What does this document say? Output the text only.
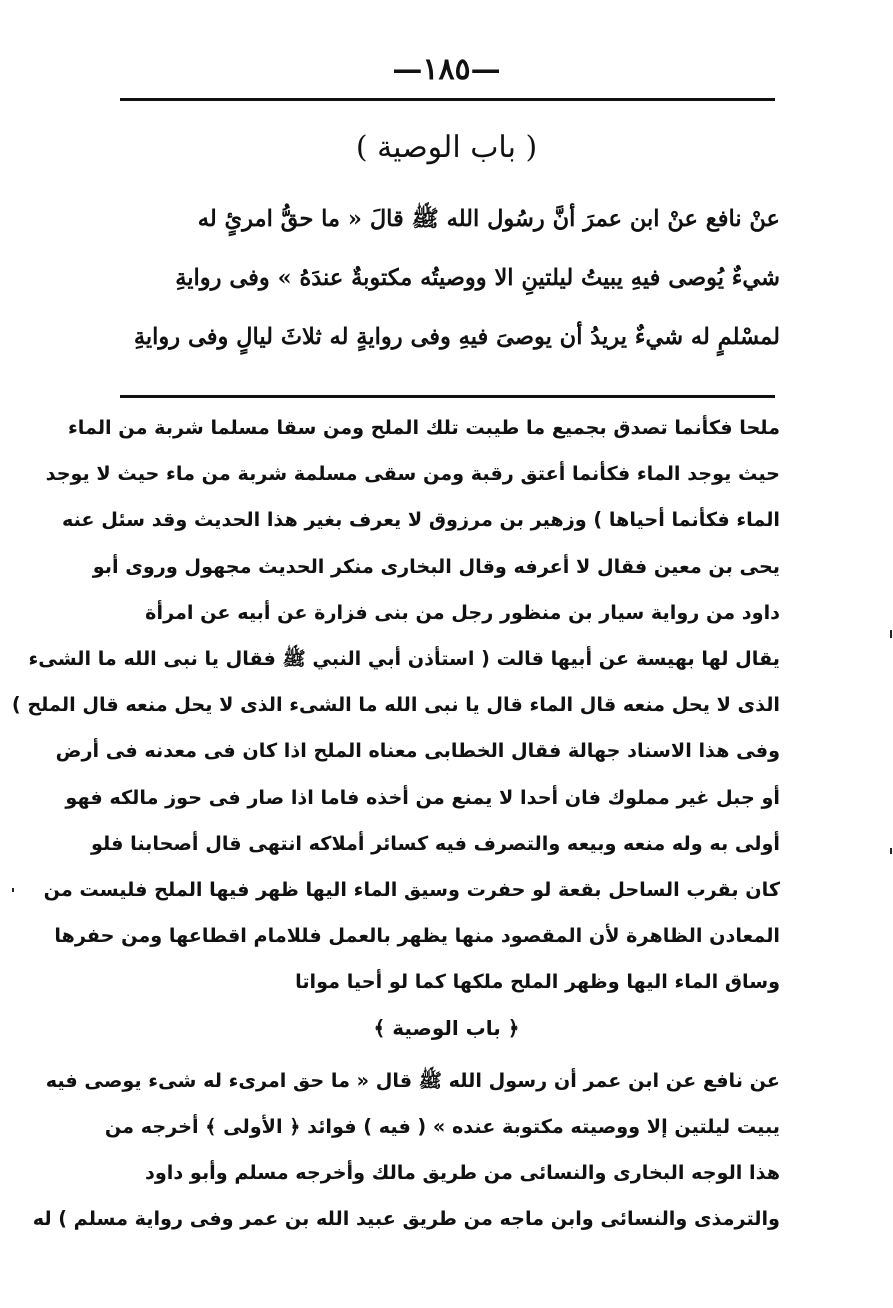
—١٨٥—
( باب الوصية )
عنْ نافع عنْ ابن عمرَ أنَّ رسُول الله ﷺ قالَ « ما حقُّ امرئٍ له
شيءٌ يُوصى فيهِ يبيتُ ليلتينِ الا ووصيتُه مكتوبةٌ عندَهُ » وفى روايةِ
لمسْلمٍ له شيءٌ يريدُ أن يوصىَ فيهِ وفى روايةٍ له ثلاثَ ليالٍ وفى روايةِ
ملحا فكأنما تصدق بجميع ما طيبت تلك الملح ومن سقا مسلما شربة من الماء
حيث يوجد الماء فكأنما أعتق رقبة ومن سقى مسلمة شربة من ماء حيث لا يوجد
الماء فكأنما أحياها ) وزهير بن مرزوق لا يعرف بغير هذا الحديث وقد سئل عنه
يحى بن معين فقال لا أعرفه وقال البخارى منكر الحديث مجهول وروى أبو
داود من رواية سيار بن منظور رجل من بنى فزارة عن أبيه عن امرأة
يقال لها بهيسة عن أبيها قالت ( استأذن أبي النبي ﷺ فقال يا نبى الله ما الشىء
الذى لا يحل منعه قال الماء قال يا نبى الله ما الشىء الذى لا يحل منعه قال الملح )
وفى هذا الاسناد جهالة فقال الخطابى معناه الملح اذا كان فى معدنه فى أرض
أو جبل غير مملوك فان أحدا لا يمنع من أخذه فاما اذا صار فى حوز مالكه فهو
أولى به وله منعه وبيعه والتصرف فيه كسائر أملاكه انتهى قال أصحابنا فلو
كان بقرب الساحل بقعة لو حفرت وسيق الماء اليها ظهر فيها الملح فليست من
المعادن الظاهرة لأن المقصود منها يظهر بالعمل فللامام اقطاعها ومن حفرها
وساق الماء اليها وظهر الملح ملكها كما لو أحيا مواتا
﴿ باب الوصية ﴾
عن نافع عن ابن عمر أن رسول الله ﷺ قال « ما حق امرىء له شىء يوصى فيه
يبيت ليلتين إلا ووصيته مكتوبة عنده » ( فيه ) فوائد ﴿ الأولى ﴾ أخرجه من
هذا الوجه البخارى والنسائى من طريق مالك وأخرجه مسلم وأبو داود
والترمذى والنسائى وابن ماجه من طريق عبيد الله بن عمر وفى رواية مسلم ) له
